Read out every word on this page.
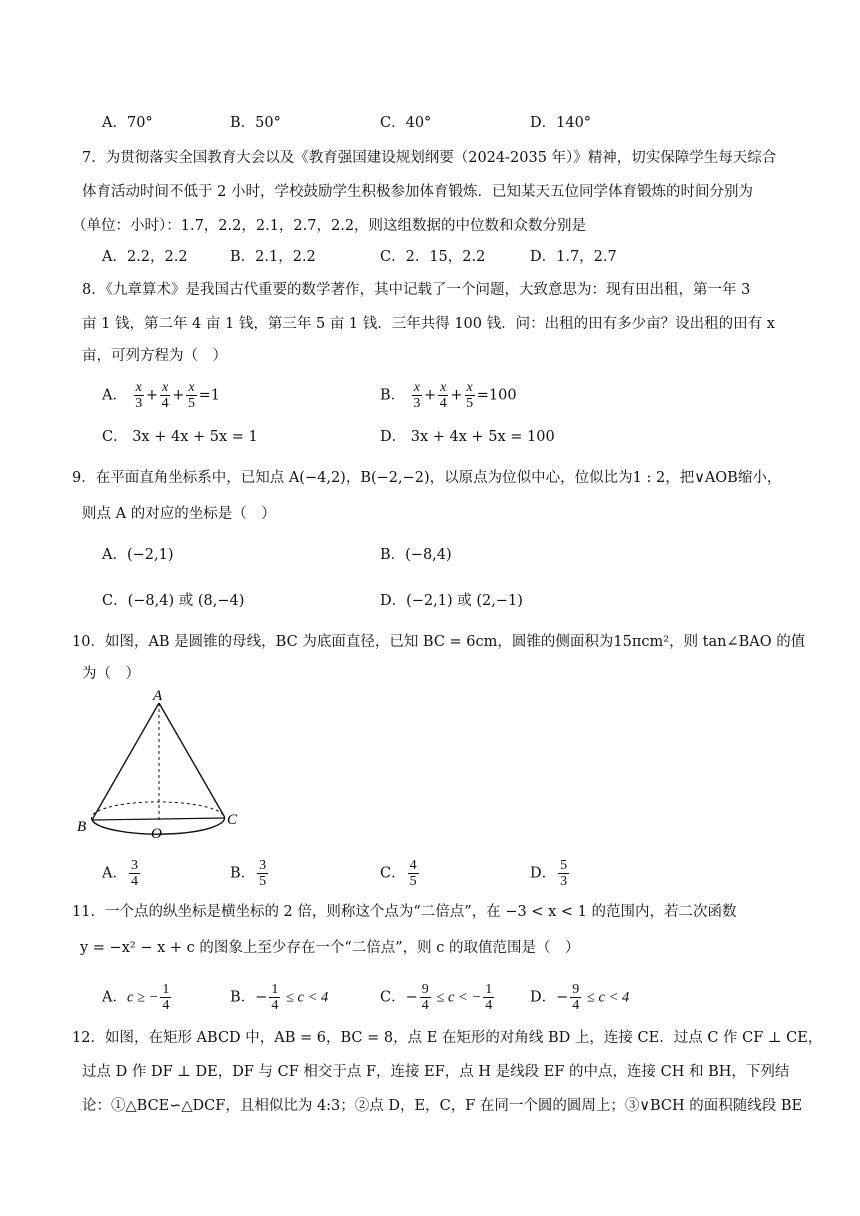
A．70°	B．50°	C．40°	D．140°
7．为贯彻落实全国教育大会以及《教育强国建设规划纲要（2024-2035 年）》精神，切实保障学生每天综合
体育活动时间不低于 2 小时，学校鼓励学生积极参加体育锻炼．已知某天五位同学体育锻炼的时间分别为
（单位：小时）：1.7，2.2，2.1，2.7，2.2，则这组数据的中位数和众数分别是
A．2.2，2.2	B．2.1，2.2	C．2．15，2.2	D．1.7，2.7
8．《九章算术》是我国古代重要的数学著作，其中记载了一个问题，大致意思为：现有田出租，第一年 3
亩 1 钱，第二年 4 亩 1 钱，第三年 5 亩 1 钱．三年共得 100 钱．问：出租的田有多少亩？设出租的田有 x
亩，可列方程为（　）
A． $\frac{x}{3} + \frac{x}{4} + \frac{x}{5} =1$	B． $\frac{x}{3} + \frac{x}{4} + \frac{x}{5} =100$
C． 3x + 4x + 5x = 1	D． 3x + 4x + 5x = 100
9．在平面直角坐标系中，已知点 A(−4,2)，B(−2,−2)，以原点为位似中心，位似比为1 : 2，把∨AOB缩小，
则点 A 的对应的坐标是（　）
A．(−2,1)	B．(−8,4)
C．(−8,4) 或 (8,−4)	D．(−2,1) 或 (2,−1)
10．如图，AB 是圆锥的母线，BC 为底面直径，已知 BC = 6cm，圆锥的侧面积为15πcm²，则 tan∠BAO 的值
为（　）
A
B	C
O
A． $\frac{3}{4}$	B． $\frac{3}{5}$	C． $\frac{4}{5}$	D． $\frac{5}{3}$
11．一个点的纵坐标是横坐标的 2 倍，则称这个点为“二倍点”，在 −3 < x < 1 的范围内，若二次函数
y = −x² − x + c 的图象上至少存在一个“二倍点”，则 c 的取值范围是（　）
A．c ≥ − $\frac{1}{4}$	B．− $\frac{1}{4} \le c < 4$	C．− $\frac{9}{4} \le c$ < − $\frac{1}{4}$ D．− $\frac{9}{4} \le c < 4$
12．如图，在矩形 ABCD 中，AB = 6，BC = 8，点 E 在矩形的对角线 BD 上，连接 CE．过点 C 作 CF ⊥ CE，
过点 D 作 DF ⊥ DE，DF 与 CF 相交于点 F，连接 EF，点 H 是线段 EF 的中点，连接 CH 和 BH，下列结
论：①△BCE∽△DCF，且相似比为 4:3；②点 D，E，C，F 在同一个圆的圆周上；③∨BCH 的面积随线段 BE
